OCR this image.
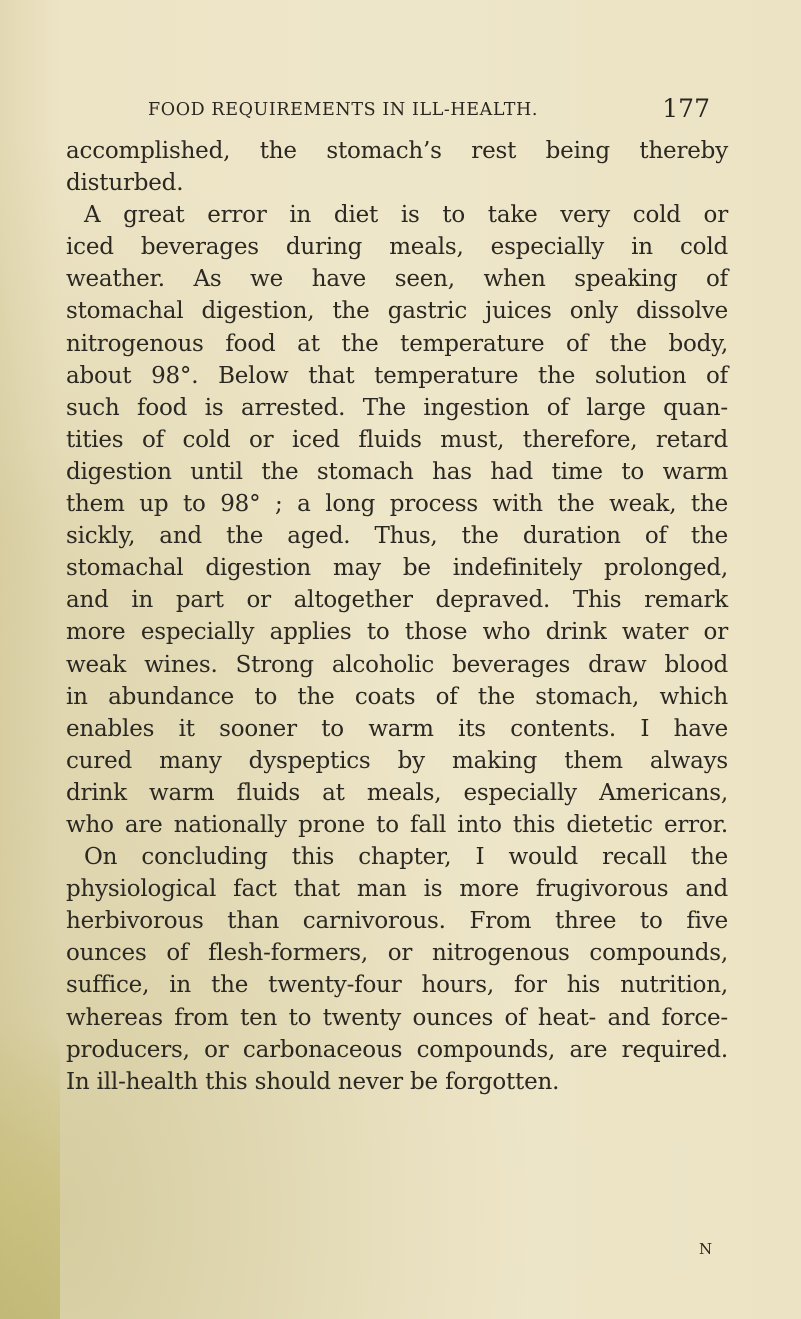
FOOD REQUIREMENTS IN ILL-HEALTH.	177
accomplished, the stomach’s rest being thereby
disturbed.
A great error in diet is to take very cold or
iced beverages during meals, especially in cold
weather. As we have seen, when speaking of
stomachal digestion, the gastric juices only dissolve
nitrogenous food at the temperature of the body,
about 98°. Below that temperature the solution of
such food is arrested. The ingestion of large quan-
tities of cold or iced fluids must, therefore, retard
digestion until the stomach has had time to warm
them up to 98° ; a long process with the weak, the
sickly, and the aged. Thus, the duration of the
stomachal digestion may be indefinitely prolonged,
and in part or altogether depraved. This remark
more especially applies to those who drink water or
weak wines. Strong alcoholic beverages draw blood
in abundance to the coats of the stomach, which
enables it sooner to warm its contents. I have
cured many dyspeptics by making them always
drink warm fluids at meals, especially Americans,
who are nationally prone to fall into this dietetic error.
On concluding this chapter, I would recall the
physiological fact that man is more frugivorous and
herbivorous than carnivorous. From three to five
ounces of flesh-formers, or nitrogenous compounds,
suffice, in the twenty-four hours, for his nutrition,
whereas from ten to twenty ounces of heat- and force-
producers, or carbonaceous compounds, are required.
In ill-health this should never be forgotten.
N
